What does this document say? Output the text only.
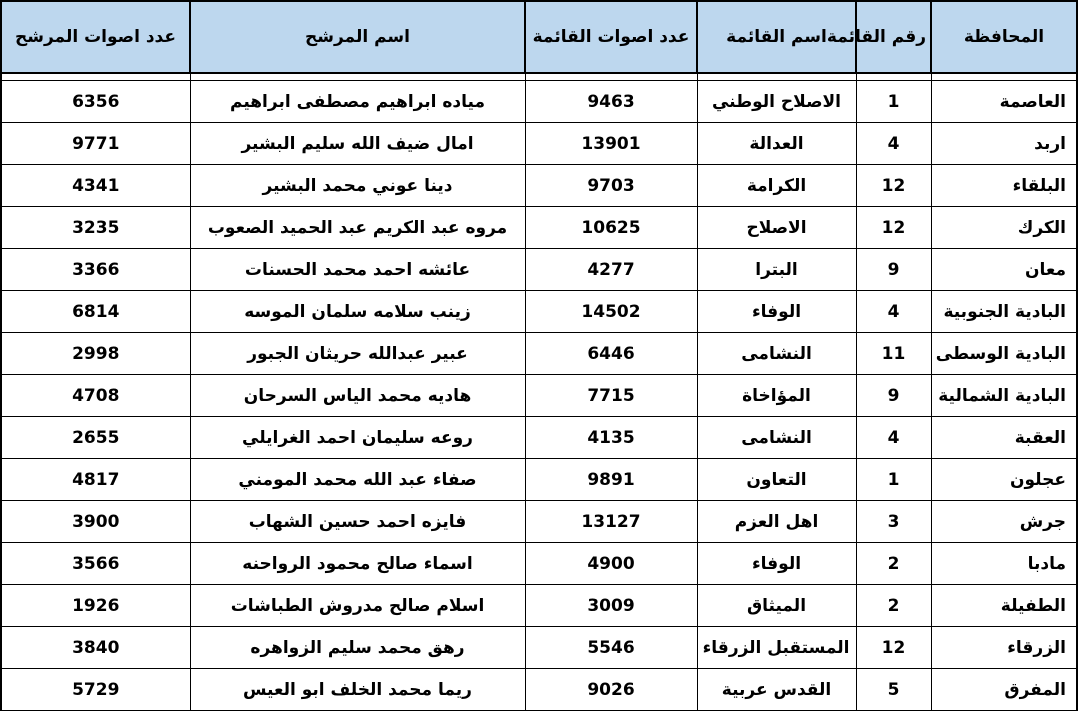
المحافظة	رقم القائمة	اسم القائمة	عدد اصوات القائمة	اسم المرشح	عدد اصوات المرشح

العاصمة	1	الاصلاح الوطني	9463	مياده ابراهيم مصطفى ابراهيم	6356
اربد	4	العدالة	13901	امال ضيف الله سليم البشير	9771
البلقاء	12	الكرامة	9703	دينا عوني محمد البشير	4341
الكرك	12	الاصلاح	10625	مروه عبد الكريم عبد الحميد الصعوب	3235
معان	9	البترا	4277	عائشه احمد محمد الحسنات	3366
البادية الجنوبية	4	الوفاء	14502	زينب سلامه سلمان الموسه	6814
البادية الوسطى	11	النشامى	6446	عبير عبدالله حريثان الجبور	2998
البادية الشمالية	9	المؤاخاة	7715	هاديه محمد الياس السرحان	4708
العقبة	4	النشامى	4135	روعه سليمان احمد الغرايلي	2655
عجلون	1	التعاون	9891	صفاء عبد الله محمد المومني	4817
جرش	3	اهل العزم	13127	فايزه احمد حسين الشهاب	3900
مادبا	2	الوفاء	4900	اسماء صالح محمود الرواحنه	3566
الطفيلة	2	الميثاق	3009	اسلام صالح مدروش الطباشات	1926
الزرقاء	12	المستقبل الزرقاء	5546	رهق محمد سليم الزواهره	3840
المفرق	5	القدس عربية	9026	ريما محمد الخلف ابو العيس	5729
